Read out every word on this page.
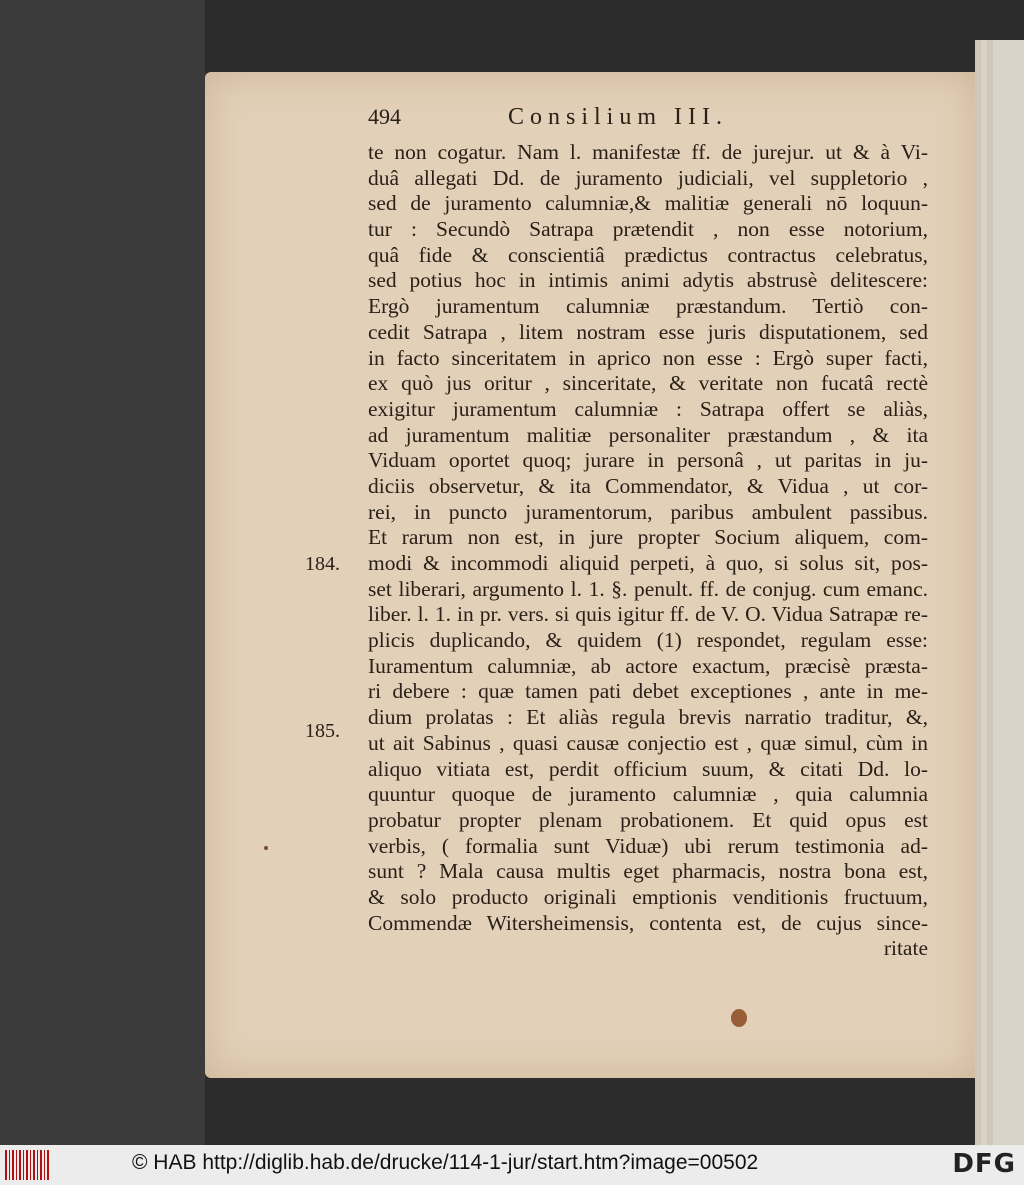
494	Consilium III.
te non cogatur. Nam l. manifestæ ff. de jurejur. ut & à Vi-
duâ allegati Dd. de juramento judiciali, vel suppletorio ,
sed de juramento calumniæ,& malitiæ generali nō loquun-
tur : Secundò Satrapa prætendit , non esse notorium,
quâ fide & conscientiâ prædictus contractus celebratus,
sed potius hoc in intimis animi adytis abstrusè delitescere:
Ergò juramentum calumniæ præstandum. Tertiò con-
cedit Satrapa , litem nostram esse juris disputationem, sed
in facto sinceritatem in aprico non esse : Ergò super facti,
ex quò jus oritur , sinceritate, & veritate non fucatâ rectè
exigitur juramentum calumniæ : Satrapa offert se aliàs,
ad juramentum malitiæ personaliter præstandum , & ita
Viduam oportet quoq; jurare in personâ , ut paritas in ju-
diciis observetur, & ita Commendator, & Vidua , ut cor-
rei, in puncto juramentorum, paribus ambulent passibus.
Et rarum non est, in jure propter Socium aliquem, com-
modi & incommodi aliquid perpeti, à quo, si solus sit, pos-
set liberari, argumento l. 1. §. penult. ff. de conjug. cum emanc.
liber. l. 1. in pr. vers. si quis igitur ff. de V. O. Vidua Satrapæ re-
plicis duplicando, & quidem (1) respondet, regulam esse:
Iuramentum calumniæ, ab actore exactum, præcisè præsta-
ri debere : quæ tamen pati debet exceptiones , ante in me-
dium prolatas : Et aliàs regula brevis narratio traditur, &,
ut ait Sabinus , quasi causæ conjectio est , quæ simul, cùm in
aliquo vitiata est, perdit officium suum, & citati Dd. lo-
quuntur quoque de juramento calumniæ , quia calumnia
probatur propter plenam probationem. Et quid opus est
verbis, ( formalia sunt Viduæ) ubi rerum testimonia ad-
sunt ? Mala causa multis eget pharmacis, nostra bona est,
& solo producto originali emptionis venditionis fructuum,
Commendæ Witersheimensis, contenta est, de cujus since-
ritate
184.
185.
© HAB http://diglib.hab.de/drucke/114-1-jur/start.htm?image=00502	DFG
